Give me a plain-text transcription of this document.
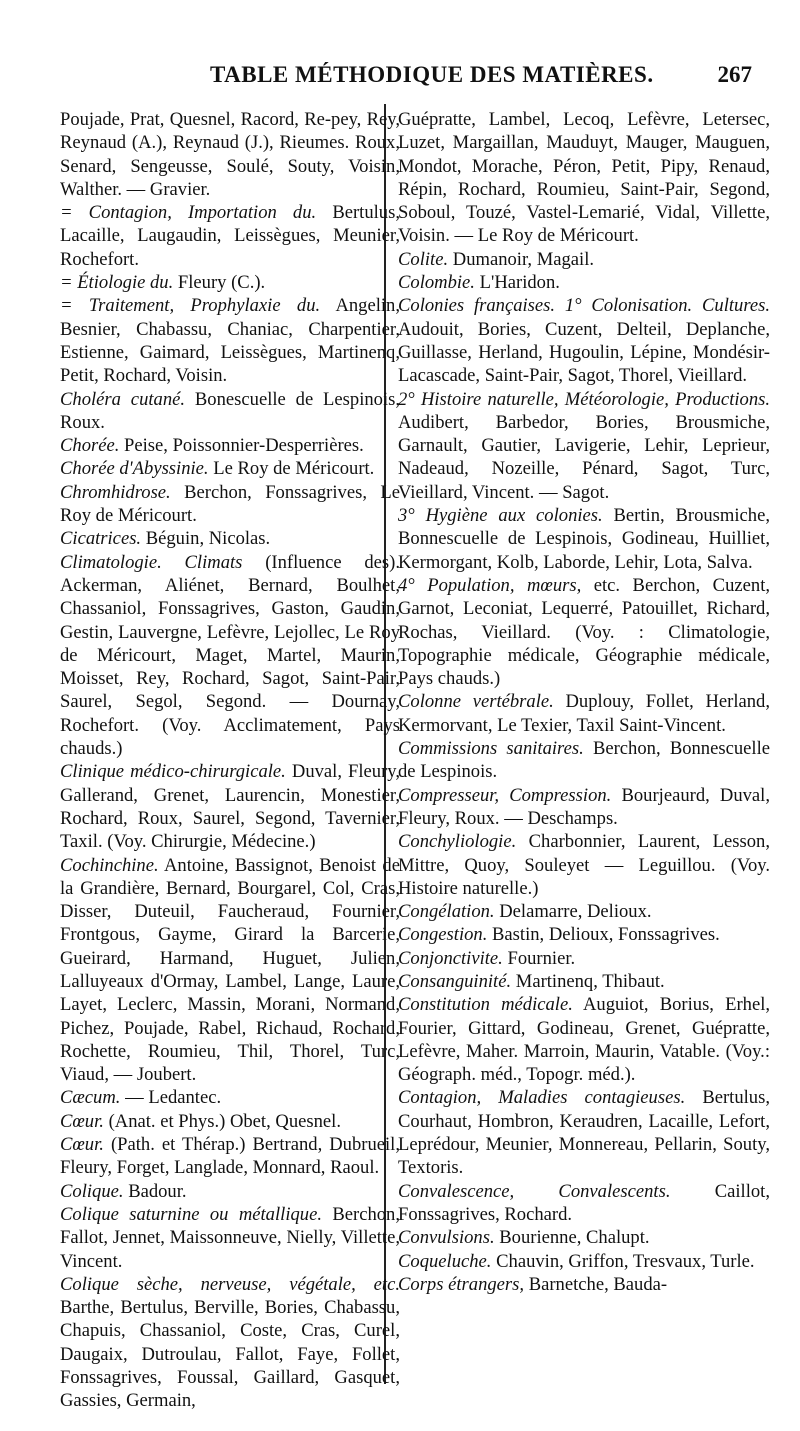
TABLE MÉTHODIQUE DES MATIÈRES.	267

Poujade, Prat, Quesnel, Racord, Re-pey, Rey, Reynaud (A.), Reynaud (J.), Rieumes. Roux, Senard, Sengeusse, Soulé, Souty, Voisin, Walther. — Gravier.

= Contagion, Importation du. Bertulus, Lacaille, Laugaudin, Leissègues, Meunier, Rochefort.

= Étiologie du. Fleury (C.).

= Traitement, Prophylaxie du. Angelin, Besnier, Chabassu, Chaniac, Charpentier, Estienne, Gaimard, Leissègues, Martinenq, Petit, Rochard, Voisin.

Choléra cutané. Bonescuelle de Lespinois, Roux.

Chorée. Peise, Poissonnier-Desperrières.

Chorée d'Abyssinie. Le Roy de Méricourt.

Chromhidrose. Berchon, Fonssagrives, Le Roy de Méricourt.

Cicatrices. Béguin, Nicolas.

Climatologie. Climats (Influence des). Ackerman, Aliénet, Bernard, Boulhet, Chassaniol, Fonssagrives, Gaston, Gaudin, Gestin, Lauvergne, Lefèvre, Lejollec, Le Roy de Méricourt, Maget, Martel, Maurin, Moisset, Rey, Rochard, Sagot, Saint-Pair, Saurel, Segol, Segond. — Dournay, Rochefort. (Voy. Acclimatement, Pays chauds.)

Clinique médico-chirurgicale. Duval, Fleury, Gallerand, Grenet, Laurencin, Monestier, Rochard, Roux, Saurel, Segond, Tavernier, Taxil. (Voy. Chirurgie, Médecine.)

Cochinchine. Antoine, Bassignot, Benoist de la Grandière, Bernard, Bourgarel, Col, Cras, Disser, Duteuil, Faucheraud, Fournier, Frontgous, Gayme, Girard la Barcerie, Gueirard, Harmand, Huguet, Julien, Lalluyeaux d'Ormay, Lambel, Lange, Laure, Layet, Leclerc, Massin, Morani, Normand, Pichez, Poujade, Rabel, Richaud, Rochard, Rochette, Roumieu, Thil, Thorel, Turc, Viaud, — Joubert.

Cæcum. — Ledantec.

Cœur. (Anat. et Phys.) Obet, Quesnel.

Cœur. (Path. et Thérap.) Bertrand, Dubrueil, Fleury, Forget, Langlade, Monnard, Raoul.

Colique. Badour.

Colique saturnine ou métallique. Berchon, Fallot, Jennet, Maissonneuve, Nielly, Villette, Vincent.

Colique sèche, nerveuse, végétale, etc. Barthe, Bertulus, Berville, Bories, Chabassu, Chapuis, Chassaniol, Coste, Cras, Curel, Daugaix, Dutroulau, Fallot, Faye, Follet, Fonssagrives, Foussal, Gaillard, Gasquet, Gassies, Germain,

Guépratte, Lambel, Lecoq, Lefèvre, Letersec, Luzet, Margaillan, Mauduyt, Mauger, Mauguen, Mondot, Morache, Péron, Petit, Pipy, Renaud, Répin, Rochard, Roumieu, Saint-Pair, Segond, Soboul, Touzé, Vastel-Lemarié, Vidal, Villette, Voisin. — Le Roy de Méricourt.

Colite. Dumanoir, Magail.

Colombie. L'Haridon.

Colonies françaises. 1° Colonisation. Cultures. Audouit, Bories, Cuzent, Delteil, Deplanche, Guillasse, Herland, Hugoulin, Lépine, Mondésir-Lacascade, Saint-Pair, Sagot, Thorel, Vieillard.

2° Histoire naturelle, Météorologie, Productions. Audibert, Barbedor, Bories, Brousmiche, Garnault, Gautier, Lavigerie, Lehir, Leprieur, Nadeaud, Nozeille, Pénard, Sagot, Turc, Vieillard, Vincent. — Sagot.

3° Hygiène aux colonies. Bertin, Brousmiche, Bonnescuelle de Lespinois, Godineau, Huilliet, Kermorgant, Kolb, Laborde, Lehir, Lota, Salva.

4° Population, mœurs, etc. Berchon, Cuzent, Garnot, Leconiat, Lequerré, Patouillet, Richard, Rochas, Vieillard. (Voy. : Climatologie, Topographie médicale, Géographie médicale, Pays chauds.)

Colonne vertébrale. Duplouy, Follet, Herland, Kermorvant, Le Texier, Taxil Saint-Vincent.

Commissions sanitaires. Berchon, Bonnescuelle de Lespinois.

Compresseur, Compression. Bourjeaurd, Duval, Fleury, Roux. — Deschamps.

Conchyliologie. Charbonnier, Laurent, Lesson, Mittre, Quoy, Souleyet — Leguillou. (Voy. Histoire naturelle.)

Congélation. Delamarre, Delioux.

Congestion. Bastin, Delioux, Fonssagrives.

Conjonctivite. Fournier.

Consanguinité. Martinenq, Thibaut.

Constitution médicale. Auguiot, Borius, Erhel, Fourier, Gittard, Godineau, Grenet, Guépratte, Lefèvre, Maher. Marroin, Maurin, Vatable. (Voy.: Géograph. méd., Topogr. méd.).

Contagion, Maladies contagieuses. Bertulus, Courhaut, Hombron, Keraudren, Lacaille, Lefort, Leprédour, Meunier, Monnereau, Pellarin, Souty, Textoris.

Convalescence, Convalescents. Caillot, Fonssagrives, Rochard.

Convulsions. Bourienne, Chalupt.

Coqueluche. Chauvin, Griffon, Tresvaux, Turle.

Corps étrangers, Barnetche, Bauda-
